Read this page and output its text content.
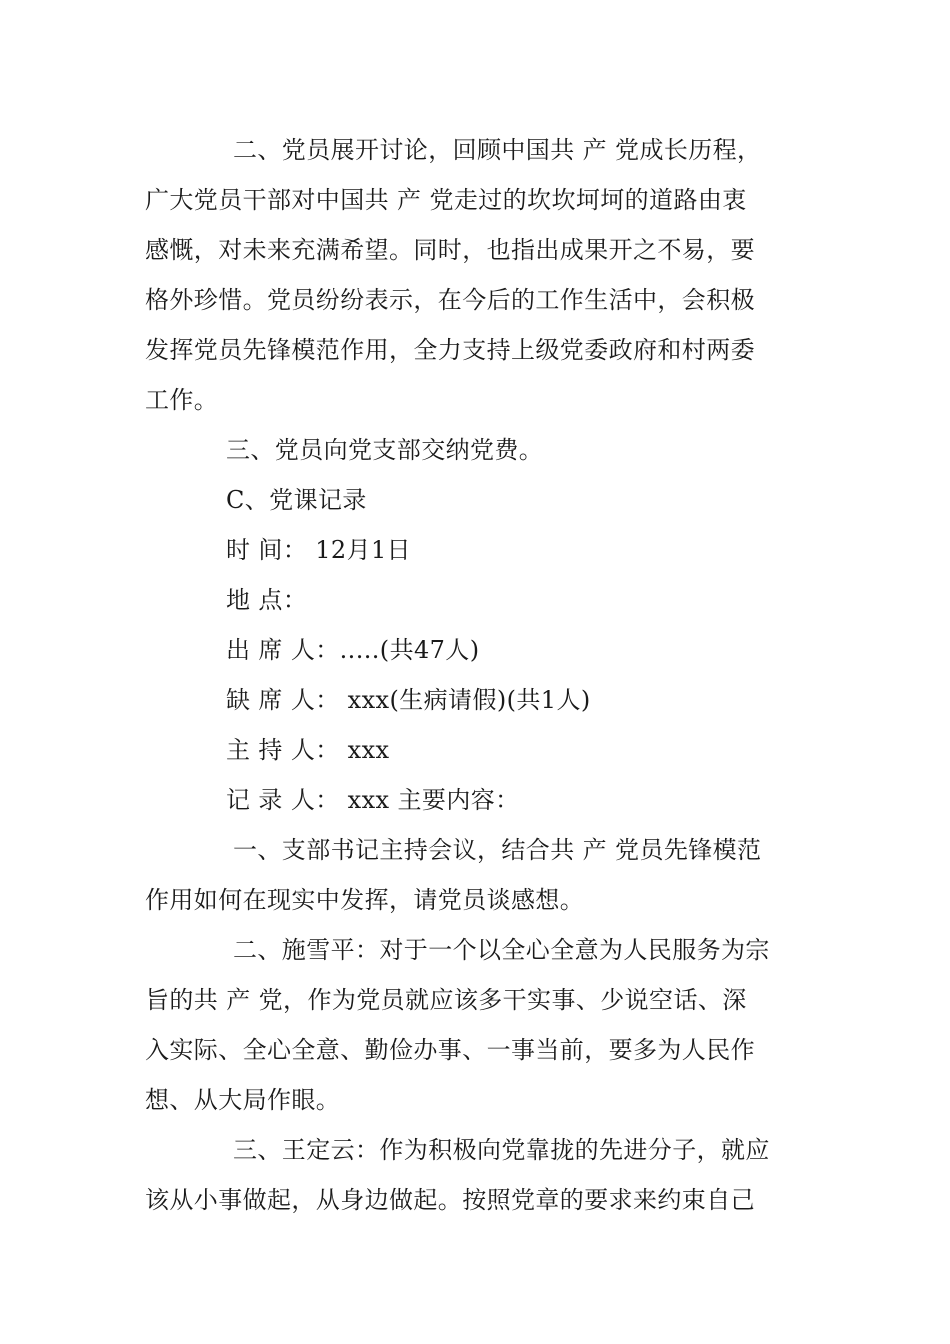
二、党员展开讨论，回顾中国共 产 党成长历程，
广大党员干部对中国共 产 党走过的坎坎坷坷的道路由衷
感慨，对未来充满希望。同时，也指出成果开之不易，要
格外珍惜。党员纷纷表示，在今后的工作生活中，会积极
发挥党员先锋模范作用，全力支持上级党委政府和村两委
工作。
三、党员向党支部交纳党费。
C、党课记录
时 间： 12月1日
地 点：
出 席 人：.....(共47人)
缺 席 人： xxx(生病请假)(共1人)
主 持 人： xxx
记 录 人： xxx 主要内容：
一、支部书记主持会议，结合共 产 党员先锋模范
作用如何在现实中发挥，请党员谈感想。
二、施雪平：对于一个以全心全意为人民服务为宗
旨的共 产 党，作为党员就应该多干实事、少说空话、深
入实际、全心全意、勤俭办事、一事当前，要多为人民作
想、从大局作眼。
三、王定云：作为积极向党靠拢的先进分子，就应
该从小事做起，从身边做起。按照党章的要求来约束自己
